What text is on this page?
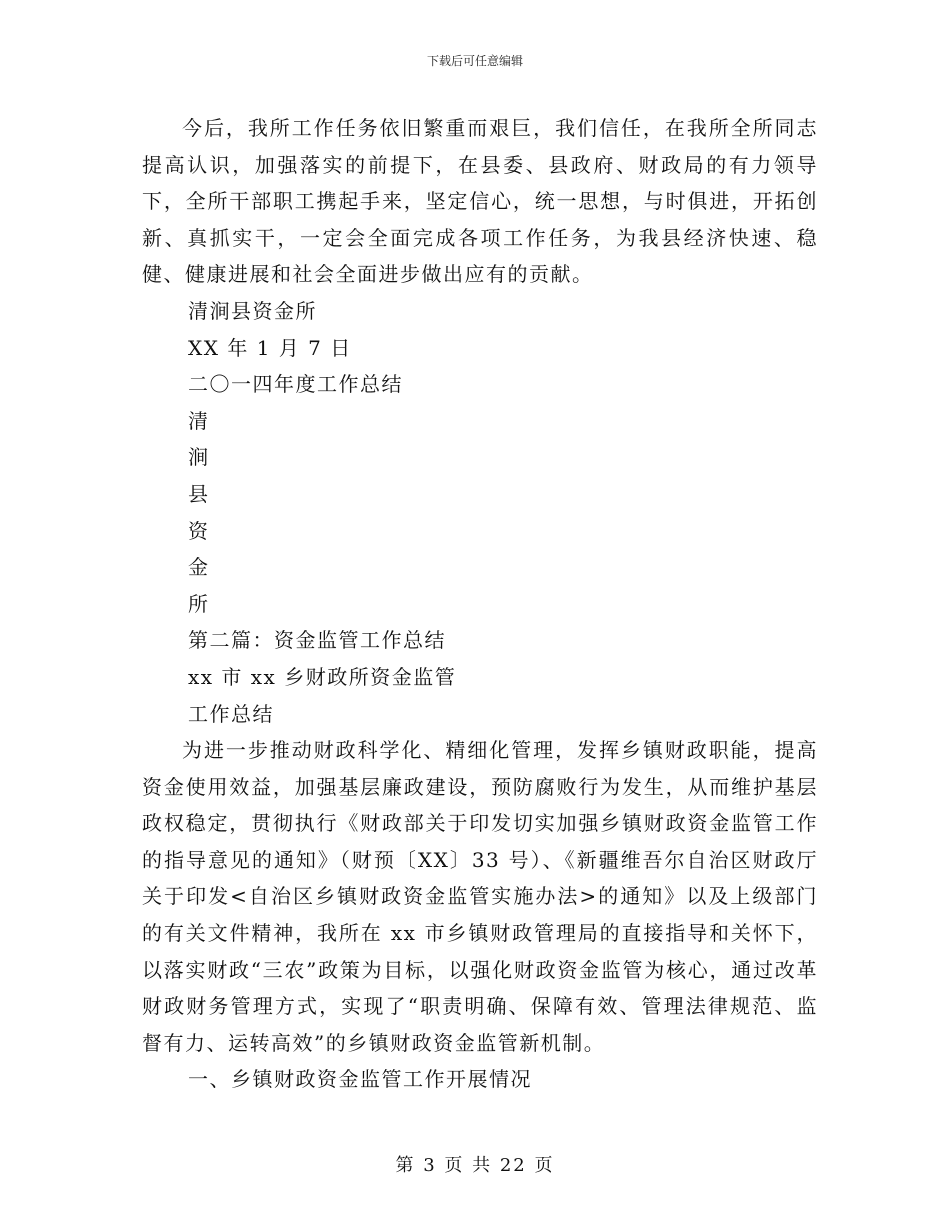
下载后可任意编辑

今后，我所工作任务依旧繁重而艰巨，我们信任，在我所全所同志提高认识，加强落实的前提下，在县委、县政府、财政局的有力领导下，全所干部职工携起手来，坚定信心，统一思想，与时俱进，开拓创新、真抓实干，一定会全面完成各项工作任务，为我县经济快速、稳健、健康进展和社会全面进步做出应有的贡献。

清涧县资金所

XX 年 1 月 7 日

二〇一四年度工作总结

清

涧

县

资

金

所

第二篇：资金监管工作总结

xx 市 xx 乡财政所资金监管

工作总结

为进一步推动财政科学化、精细化管理，发挥乡镇财政职能，提高资金使用效益，加强基层廉政建设，预防腐败行为发生，从而维护基层政权稳定，贯彻执行《财政部关于印发切实加强乡镇财政资金监管工作的指导意见的通知》（财预〔XX〕33 号）、《新疆维吾尔自治区财政厅关于印发<自治区乡镇财政资金监管实施办法>的通知》以及上级部门的有关文件精神，我所在 xx 市乡镇财政管理局的直接指导和关怀下，以落实财政“三农”政策为目标，以强化财政资金监管为核心，通过改革财政财务管理方式，实现了“职责明确、保障有效、管理法律规范、监督有力、运转高效”的乡镇财政资金监管新机制。

一、乡镇财政资金监管工作开展情况

第 3 页 共 22 页
